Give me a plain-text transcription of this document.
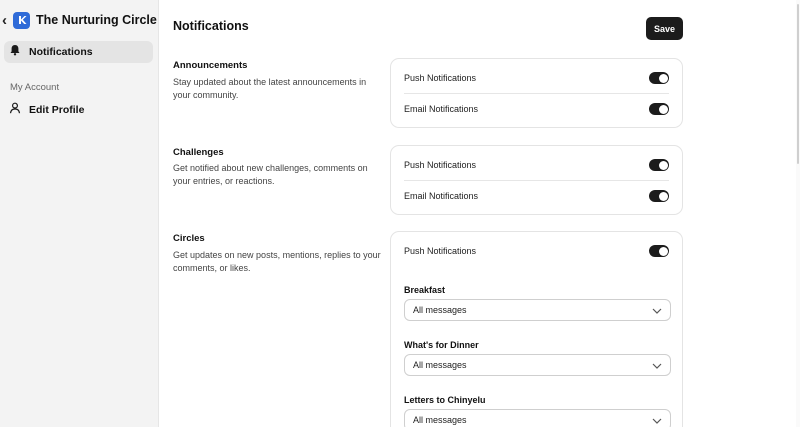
‹	The Nurturing Circle
Notifications
My Account
Edit Profile
Notifications	Save
Announcements
Stay updated about the latest announcements in your community.
Push Notifications
Email Notifications
Challenges
Get notified about new challenges, comments on your entries, or reactions.
Push Notifications
Email Notifications
Circles
Get updates on new posts, mentions, replies to your comments, or likes.
Push Notifications
Breakfast
All messages
What's for Dinner
All messages
Letters to Chinyelu
All messages
